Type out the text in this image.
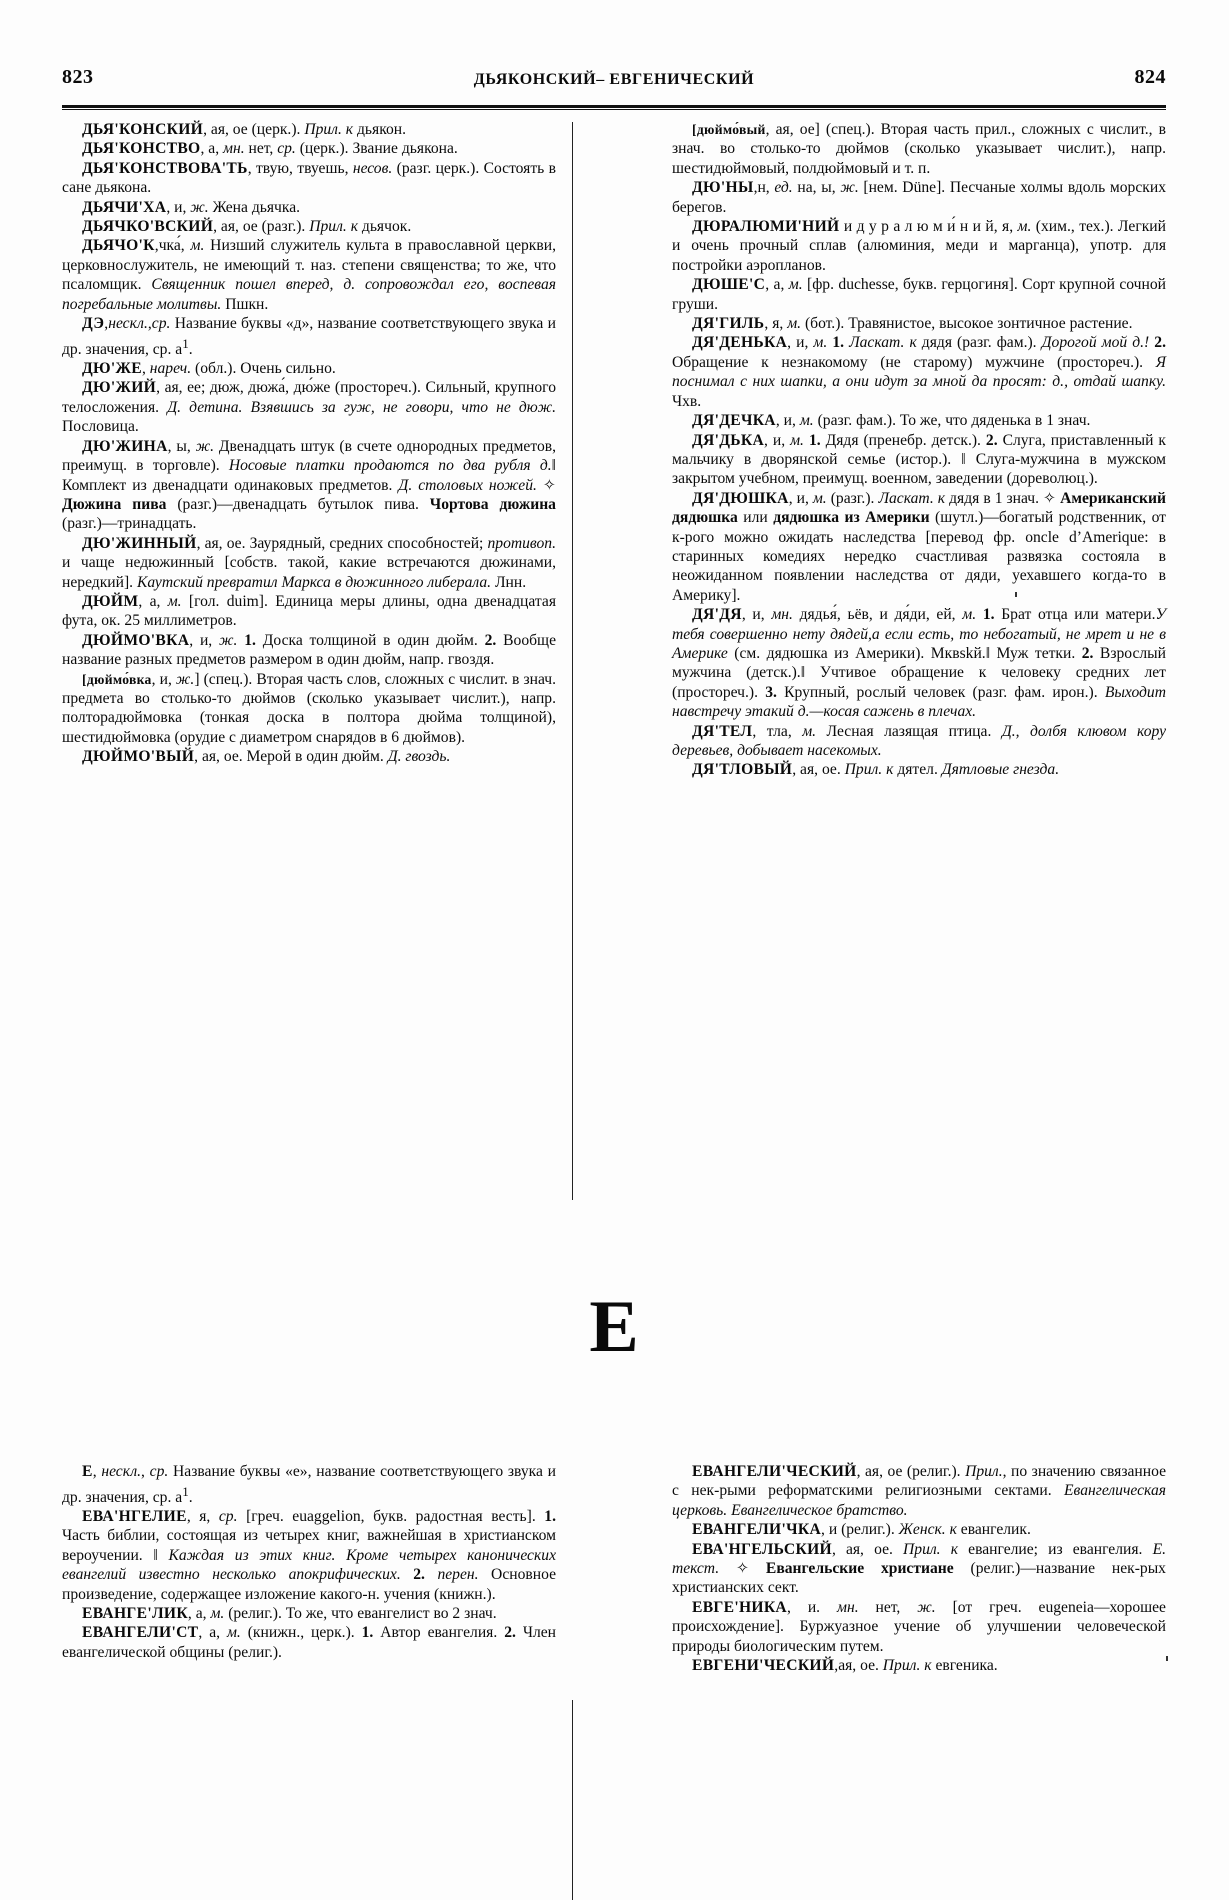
823	ДЬЯКОНСКИЙ– ЕВГЕНИЧЕСКИЙ	824

ДЬЯ'КОНСКИЙ, ая, ое (церк.). Прил. к дьякон.

ДЬЯ'КОНСТВО, а, мн. нет, ср. (церк.). Звание дьякона.

ДЬЯ'КОНСТВОВА'ТЬ, твую, твуешь, несов. (разг. церк.). Состоять в сане дьякона.

ДЬЯЧИ'ХА, и, ж. Жена дьячка.

ДЬЯЧКО'ВСКИЙ, ая, ое (разг.). Прил. к дьячок.

ДЬЯЧО'К,чка́, м. Низший служитель культа в православной церкви, церковнослужитель, не имеющий т. наз. степени священства; то же, что псаломщик. Священник пошел вперед, д. сопровождал его, воспевая погребальные молитвы. Пшкн.

ДЭ,нескл.,ср. Название буквы «д», название соответствующего звука и др. значения, ср. $а^1$.

ДЮ'ЖЕ, нареч. (обл.). Очень сильно.

ДЮ'ЖИЙ, ая, ее; дюж, дюжа́, дю́же (простореч.). Сильный, крупного телосложения. Д. детина. Взявшись за гуж, не говори, что не дюж. Пословица.

ДЮ'ЖИНА, ы, ж. Двенадцать штук (в счете однородных предметов, преимущ. в торговле). Носовые платки продаются по два рубля д.‖ Комплект из двенадцати одинаковых предметов. Д. столовых ножей. ✧ Дюжина пива (разг.)—двенадцать бутылок пива. Чортова дюжина (разг.)—тринадцать.

ДЮ'ЖИННЫЙ, ая, ое. Заурядный, средних способностей; противоп. и чаще недюжинный [собств. такой, какие встречаются дюжинами, нередкий]. Каутский превратил Маркса в дюжинного либерала. Лнн.

ДЮЙМ, а, м. [гол. duim]. Единица меры длины, одна двенадцатая фута, ок. 25 миллиметров.

ДЮЙМО'ВКА, и, ж. 1. Доска толщиной в один дюйм. 2. Вообще название разных предметов размером в один дюйм, напр. гвоздя.

[дюймо́вка, и, ж.] (спец.). Вторая часть слов, сложных с числит. в знач. предмета во столько-то дюймов (сколько указывает числит.), напр. полторадюймовка (тонкая доска в полтора дюйма толщиной), шестидюймовка (орудие с диаметром снарядов в 6 дюймов).

ДЮЙМО'ВЫЙ, ая, ое. Мерой в один дюйм. Д. гвоздь.

[дюймо́вый, ая, ое] (спец.). Вторая часть прил., сложных с числит., в знач. во столько-то дюймов (сколько указывает числит.), напр. шестидюймовый, полдюймовый и т. п.

ДЮ'НЫ,н, ед. на, ы, ж. [нем. Düne]. Песчаные холмы вдоль морских берегов.

ДЮРАЛЮМИ'НИЙ и д у р а л ю м и́ н и й, я, м. (хим., тех.). Легкий и очень прочный сплав (алюминия, меди и марганца), употр. для постройки аэропланов.

ДЮШЕ'С, а, м. [фр. duchesse, букв. герцогиня]. Сорт крупной сочной груши.

ДЯ'ГИЛЬ, я, м. (бот.). Травянистое, высокое зонтичное растение.

ДЯ'ДЕНЬКА, и, м. 1. Ласкат. к дядя (разг. фам.). Дорогой мой д.! 2. Обращение к незнакомому (не старому) мужчине (простореч.). Я поснимал с них шапки, а они идут за мной да просят: д., отдай шапку. Чхв.

ДЯ'ДЕЧКА, и, м. (разг. фам.). То же, что дяденька в 1 знач.

ДЯ'ДЬКА, и, м. 1. Дядя (пренебр. детск.). 2. Слуга, приставленный к мальчику в дворянской семье (истор.). ‖ Слуга-мужчина в мужском закрытом учебном, преимущ. военном, заведении (дореволюц.).

ДЯ'ДЮШКА, и, м. (разг.). Ласкат. к дядя в 1 знач. ✧ Американский дядюшка или дядюшка из Америки (шутл.)—богатый родственник, от к-рого можно ожидать наследства [перевод фр. oncle d’Amerique: в старинных комедиях нередко счастливая развязка состояла в неожиданном появлении наследства от дяди, уехавшего когда-то в Америку].

ДЯ'ДЯ, и, мн. дядья́, ьёв, и дя́ди, ей, м. 1. Брат отца или матери.У тебя совершенно нету дядей,а если есть, то небогатый, не мрет и не в Америке (см. дядюшка из Америки). Мквskй.‖ Муж тетки. 2. Взрослый мужчина (детск.).‖ Учтивое обращение к человеку средних лет (простореч.). 3. Крупный, рослый человек (разг. фам. ирон.). Выходит навстречу этакий д.—косая сажень в плечах.

ДЯ'ТЕЛ, тла, м. Лесная лазящая птица. Д., долбя клювом кору деревьев, добывает насекомых.

ДЯ'ТЛОВЫЙ, ая, ое. Прил. к дятел. Дятловые гнезда.

Е

Е, нескл., ср. Название буквы «е», название соответствующего звука и др. значения, ср. $а^1$.

ЕВА'НГЕЛИЕ, я, ср. [греч. euaggelion, букв. радостная весть]. 1. Часть библии, состоящая из четырех книг, важнейшая в христианском вероучении. ‖ Каждая из этих книг. Кроме четырех канонических евангелий известно несколько апокрифических. 2. перен. Основное произведение, содержащее изложение какого-н. учения (книжн.).

ЕВАНГЕ'ЛИК, а, м. (религ.). То же, что евангелист во 2 знач.

ЕВАНГЕЛИ'СТ, а, м. (книжн., церк.). 1. Автор евангелия. 2. Член евангелической общины (религ.).

ЕВАНГЕЛИ'ЧЕСКИЙ, ая, ое (религ.). Прил., по значению связанное с нек-рыми реформатскими религиозными сектами. Евангелическая церковь. Евангелическое братство.

ЕВАНГЕЛИ'ЧКА, и (религ.). Женск. к евангелик.

ЕВА'НГЕЛЬСКИЙ, ая, ое. Прил. к евангелие; из евангелия. Е. текст. ✧ Евангельские христиане (религ.)—название нек-рых христианских сект.

ЕВГЕ'НИКА, и. мн. нет, ж. [от греч. eugeneia—хорошее происхождение]. Буржуазное учение об улучшении человеческой природы биологическим путем.

ЕВГЕНИ'ЧЕСКИЙ,ая, ое. Прил. к евгеника.
